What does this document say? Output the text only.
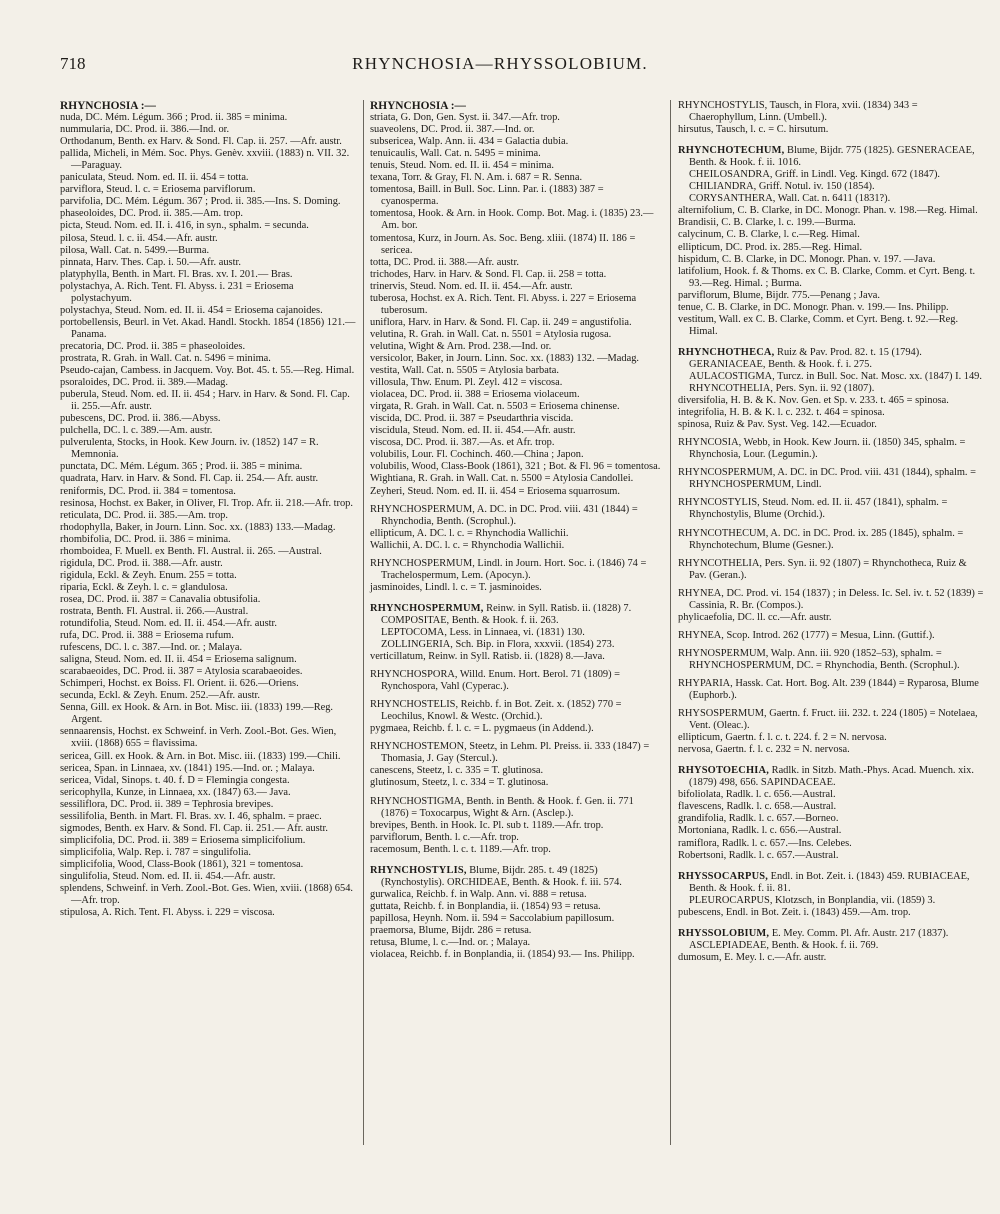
718	RHYNCHOSIA—RHYSSOLOBIUM.

RHYNCHOSIA :—

nuda, DC. Mém. Légum. 366 ; Prod. ii. 385 = minima.

nummularia, DC. Prod. ii. 386.—Ind. or.

Orthodanum, Benth. ex Harv. & Sond. Fl. Cap. ii. 257. —Afr. austr.

pallida, Micheli, in Mém. Soc. Phys. Genèv. xxviii. (1883) n. VII. 32.—Paraguay.

paniculata, Steud. Nom. ed. II. ii. 454 = totta.

parviflora, Steud. l. c. = Eriosema parviflorum.

parvifolia, DC. Mém. Légum. 367 ; Prod. ii. 385.—Ins. S. Doming.

phaseoloides, DC. Prod. ii. 385.—Am. trop.

picta, Steud. Nom. ed. II. i. 416, in syn., sphalm. = secunda.

pilosa, Steud. l. c. ii. 454.—Afr. austr.

pilosa, Wall. Cat. n. 5499.—Burma.

pinnata, Harv. Thes. Cap. i. 50.—Afr. austr.

platyphylla, Benth. in Mart. Fl. Bras. xv. I. 201.— Bras.

polystachya, A. Rich. Tent. Fl. Abyss. i. 231 = Eriosema polystachyum.

polystachya, Steud. Nom. ed. II. ii. 454 = Eriosema cajanoides.

portobellensis, Beurl. in Vet. Akad. Handl. Stockh. 1854 (1856) 121.—Panama.

precatoria, DC. Prod. ii. 385 = phaseoloides.

prostrata, R. Grah. in Wall. Cat. n. 5496 = minima.

Pseudo-cajan, Cambess. in Jacquem. Voy. Bot. 45. t. 55.—Reg. Himal.

psoraloides, DC. Prod. ii. 389.—Madag.

puberula, Steud. Nom. ed. II. ii. 454 ; Harv. in Harv. & Sond. Fl. Cap. ii. 255.—Afr. austr.

pubescens, DC. Prod. ii. 386.—Abyss.

pulchella, DC. l. c. 389.—Am. austr.

pulverulenta, Stocks, in Hook. Kew Journ. iv. (1852) 147 = R. Memnonia.

punctata, DC. Mém. Légum. 365 ; Prod. ii. 385 = minima.

quadrata, Harv. in Harv. & Sond. Fl. Cap. ii. 254.— Afr. austr.

reniformis, DC. Prod. ii. 384 = tomentosa.

resinosa, Hochst. ex Baker, in Oliver, Fl. Trop. Afr. ii. 218.—Afr. trop.

reticulata, DC. Prod. ii. 385.—Am. trop.

rhodophylla, Baker, in Journ. Linn. Soc. xx. (1883) 133.—Madag.

rhombifolia, DC. Prod. ii. 386 = minima.

rhomboidea, F. Muell. ex Benth. Fl. Austral. ii. 265. —Austral.

rigidula, DC. Prod. ii. 388.—Afr. austr.

rigidula, Eckl. & Zeyh. Enum. 255 = totta.

riparia, Eckl. & Zeyh. l. c. = glandulosa.

rosea, DC. Prod. ii. 387 = Canavalia obtusifolia.

rostrata, Benth. Fl. Austral. ii. 266.—Austral.

rotundifolia, Steud. Nom. ed. II. ii. 454.—Afr. austr.

rufa, DC. Prod. ii. 388 = Eriosema rufum.

rufescens, DC. l. c. 387.—Ind. or. ; Malaya.

saligna, Steud. Nom. ed. II. ii. 454 = Eriosema salignum.

scarabaeoides, DC. Prod. ii. 387 = Atylosia scarabaeoides.

Schimperi, Hochst. ex Boiss. Fl. Orient. ii. 626.—Oriens.

secunda, Eckl. & Zeyh. Enum. 252.—Afr. austr.

Senna, Gill. ex Hook. & Arn. in Bot. Misc. iii. (1833) 199.—Reg. Argent.

sennaarensis, Hochst. ex Schweinf. in Verh. Zool.-Bot. Ges. Wien, xviii. (1868) 655 = flavissima.

sericea, Gill. ex Hook. & Arn. in Bot. Misc. iii. (1833) 199.—Chili.

sericea, Span. in Linnaea, xv. (1841) 195.—Ind. or. ; Malaya.

sericea, Vidal, Sinops. t. 40. f. D = Flemingia congesta.

sericophylla, Kunze, in Linnaea, xx. (1847) 63.— Java.

sessiliflora, DC. Prod. ii. 389 = Tephrosia brevipes.

sessilifolia, Benth. in Mart. Fl. Bras. xv. I. 46, sphalm. = praec.

sigmodes, Benth. ex Harv. & Sond. Fl. Cap. ii. 251.— Afr. austr.

simplicifolia, DC. Prod. ii. 389 = Eriosema simplicifolium.

simplicifolia, Walp. Rep. i. 787 = singulifolia.

simplicifolia, Wood, Class-Book (1861), 321 = tomentosa.

singulifolia, Steud. Nom. ed. II. ii. 454.—Afr. austr.

splendens, Schweinf. in Verh. Zool.-Bot. Ges. Wien, xviii. (1868) 654.—Afr. trop.

stipulosa, A. Rich. Tent. Fl. Abyss. i. 229 = viscosa.

RHYNCHOSIA :—

striata, G. Don, Gen. Syst. ii. 347.—Afr. trop.

suaveolens, DC. Prod. ii. 387.—Ind. or.

subsericea, Walp. Ann. ii. 434 = Galactia dubia.

tenuicaulis, Wall. Cat. n. 5495 = minima.

tenuis, Steud. Nom. ed. II. ii. 454 = minima.

texana, Torr. & Gray, Fl. N. Am. i. 687 = R. Senna.

tomentosa, Baill. in Bull. Soc. Linn. Par. i. (1883) 387 = cyanosperma.

tomentosa, Hook. & Arn. in Hook. Comp. Bot. Mag. i. (1835) 23.—Am. bor.

tomentosa, Kurz, in Journ. As. Soc. Beng. xliii. (1874) II. 186 = sericea.

totta, DC. Prod. ii. 388.—Afr. austr.

trichodes, Harv. in Harv. & Sond. Fl. Cap. ii. 258 = totta.

trinervis, Steud. Nom. ed. II. ii. 454.—Afr. austr.

tuberosa, Hochst. ex A. Rich. Tent. Fl. Abyss. i. 227 = Eriosema tuberosum.

uniflora, Harv. in Harv. & Sond. Fl. Cap. ii. 249 = angustifolia.

velutina, R. Grah. in Wall. Cat. n. 5501 = Atylosia rugosa.

velutina, Wight & Arn. Prod. 238.—Ind. or.

versicolor, Baker, in Journ. Linn. Soc. xx. (1883) 132. —Madag.

vestita, Wall. Cat. n. 5505 = Atylosia barbata.

villosula, Thw. Enum. Pl. Zeyl. 412 = viscosa.

violacea, DC. Prod. ii. 388 = Eriosema violaceum.

virgata, R. Grah. in Wall. Cat. n. 5503 = Eriosema chinense.

viscida, DC. Prod. ii. 387 = Pseudarthria viscida.

viscidula, Steud. Nom. ed. II. ii. 454.—Afr. austr.

viscosa, DC. Prod. ii. 387.—As. et Afr. trop.

volubilis, Lour. Fl. Cochinch. 460.—China ; Japon.

volubilis, Wood, Class-Book (1861), 321 ; Bot. & Fl. 96 = tomentosa.

Wightiana, R. Grah. in Wall. Cat. n. 5500 = Atylosia Candollei.

Zeyheri, Steud. Nom. ed. II. ii. 454 = Eriosema squarrosum.

RHYNCHOSPERMUM, A. DC. in DC. Prod. viii. 431 (1844) = Rhynchodia, Benth. (Scrophul.).

ellipticum, A. DC. l. c. = Rhynchodia Wallichii.

Wallichii, A. DC. l. c. = Rhynchodia Wallichii.

RHYNCHOSPERMUM, Lindl. in Journ. Hort. Soc. i. (1846) 74 = Trachelospermum, Lem. (Apocyn.).

jasminoides, Lindl. l. c. = T. jasminoides.

RHYNCHOSPERMUM, Reinw. in Syll. Ratisb. ii. (1828) 7. COMPOSITAE, Benth. & Hook. f. ii. 263.

LEPTOCOMA, Less. in Linnaea, vi. (1831) 130.

ZOLLINGERIA, Sch. Bip. in Flora, xxxvii. (1854) 273.

verticillatum, Reinw. in Syll. Ratisb. ii. (1828) 8.—Java.

RHYNCHOSPORA, Willd. Enum. Hort. Berol. 71 (1809) = Rynchospora, Vahl (Cyperac.).

RHYNCHOSTELIS, Reichb. f. in Bot. Zeit. x. (1852) 770 = Leochilus, Knowl. & Westc. (Orchid.).

pygmaea, Reichb. f. l. c. = L. pygmaeus (in Addend.).

RHYNCHOSTEMON, Steetz, in Lehm. Pl. Preiss. ii. 333 (1847) = Thomasia, J. Gay (Stercul.).

canescens, Steetz, l. c. 335 = T. glutinosa.

glutinosum, Steetz, l. c. 334 = T. glutinosa.

RHYNCHOSTIGMA, Benth. in Benth. & Hook. f. Gen. ii. 771 (1876) = Toxocarpus, Wight & Arn. (Asclep.).

brevipes, Benth. in Hook. Ic. Pl. sub t. 1189.—Afr. trop.

parviflorum, Benth. l. c.—Afr. trop.

racemosum, Benth. l. c. t. 1189.—Afr. trop.

RHYNCHOSTYLIS, Blume, Bijdr. 285. t. 49 (1825) (Rynchostylis). ORCHIDEAE, Benth. & Hook. f. iii. 574.

gurwalica, Reichb. f. in Walp. Ann. vi. 888 = retusa.

guttata, Reichb. f. in Bonplandia, ii. (1854) 93 = retusa.

papillosa, Heynh. Nom. ii. 594 = Saccolabium papillosum.

praemorsa, Blume, Bijdr. 286 = retusa.

retusa, Blume, l. c.—Ind. or. ; Malaya.

violacea, Reichb. f. in Bonplandia, ii. (1854) 93.— Ins. Philipp.

RHYNCHOSTYLIS, Tausch, in Flora, xvii. (1834) 343 = Chaerophyllum, Linn. (Umbell.).

hirsutus, Tausch, l. c. = C. hirsutum.

RHYNCHOTECHUM, Blume, Bijdr. 775 (1825). GESNERACEAE, Benth. & Hook. f. ii. 1016.

CHEILOSANDRA, Griff. in Lindl. Veg. Kingd. 672 (1847).

CHILIANDRA, Griff. Notul. iv. 150 (1854).

CORYSANTHERA, Wall. Cat. n. 6411 (1831?).

alternifolium, C. B. Clarke, in DC. Monogr. Phan. v. 198.—Reg. Himal.

Brandisii, C. B. Clarke, l. c. 199.—Burma.

calycinum, C. B. Clarke, l. c.—Reg. Himal.

ellipticum, DC. Prod. ix. 285.—Reg. Himal.

hispidum, C. B. Clarke, in DC. Monogr. Phan. v. 197. —Java.

latifolium, Hook. f. & Thoms. ex C. B. Clarke, Comm. et Cyrt. Beng. t. 93.—Reg. Himal. ; Burma.

parviflorum, Blume, Bijdr. 775.—Penang ; Java.

tenue, C. B. Clarke, in DC. Monogr. Phan. v. 199.— Ins. Philipp.

vestitum, Wall. ex C. B. Clarke, Comm. et Cyrt. Beng. t. 92.—Reg. Himal.

RHYNCHOTHECA, Ruiz & Pav. Prod. 82. t. 15 (1794). GERANIACEAE, Benth. & Hook. f. i. 275.

AULACOSTIGMA, Turcz. in Bull. Soc. Nat. Mosc. xx. (1847) I. 149.

RHYNCOTHELIA, Pers. Syn. ii. 92 (1807).

diversifolia, H. B. & K. Nov. Gen. et Sp. v. 233. t. 465 = spinosa.

integrifolia, H. B. & K. l. c. 232. t. 464 = spinosa.

spinosa, Ruiz & Pav. Syst. Veg. 142.—Ecuador.

RHYNCOSIA, Webb, in Hook. Kew Journ. ii. (1850) 345, sphalm. = Rhynchosia, Lour. (Legumin.).

RHYNCOSPERMUM, A. DC. in DC. Prod. viii. 431 (1844), sphalm. = RHYNCHOSPERMUM, Lindl.

RHYNCOSTYLIS, Steud. Nom. ed. II. ii. 457 (1841), sphalm. = Rhynchostylis, Blume (Orchid.).

RHYNCOTHECUM, A. DC. in DC. Prod. ix. 285 (1845), sphalm. = Rhynchotechum, Blume (Gesner.).

RHYNCOTHELIA, Pers. Syn. ii. 92 (1807) = Rhynchotheca, Ruiz & Pav. (Geran.).

RHYNEA, DC. Prod. vi. 154 (1837) ; in Deless. Ic. Sel. iv. t. 52 (1839) = Cassinia, R. Br. (Compos.).

phylicaefolia, DC. ll. cc.—Afr. austr.

RHYNEA, Scop. Introd. 262 (1777) = Mesua, Linn. (Guttif.).

RHYNOSPERMUM, Walp. Ann. iii. 920 (1852–53), sphalm. = RHYNCHOSPERMUM, DC. = Rhynchodia, Benth. (Scrophul.).

RHYPARIA, Hassk. Cat. Hort. Bog. Alt. 239 (1844) = Ryparosa, Blume (Euphorb.).

RHYSOSPERMUM, Gaertn. f. Fruct. iii. 232. t. 224 (1805) = Notelaea, Vent. (Oleac.).

ellipticum, Gaertn. f. l. c. t. 224. f. 2 = N. nervosa.

nervosa, Gaertn. f. l. c. 232 = N. nervosa.

RHYSOTOECHIA, Radlk. in Sitzb. Math.-Phys. Acad. Muench. xix. (1879) 498, 656. SAPINDACEAE.

bifoliolata, Radlk. l. c. 656.—Austral.

flavescens, Radlk. l. c. 658.—Austral.

grandifolia, Radlk. l. c. 657.—Borneo.

Mortoniana, Radlk. l. c. 656.—Austral.

ramiflora, Radlk. l. c. 657.—Ins. Celebes.

Robertsoni, Radlk. l. c. 657.—Austral.

RHYSSOCARPUS, Endl. in Bot. Zeit. i. (1843) 459. RUBIACEAE, Benth. & Hook. f. ii. 81.

PLEUROCARPUS, Klotzsch, in Bonplandia, vii. (1859) 3.

pubescens, Endl. in Bot. Zeit. i. (1843) 459.—Am. trop.

RHYSSOLOBIUM, E. Mey. Comm. Pl. Afr. Austr. 217 (1837). ASCLEPIADEAE, Benth. & Hook. f. ii. 769.

dumosum, E. Mey. l. c.—Afr. austr.
